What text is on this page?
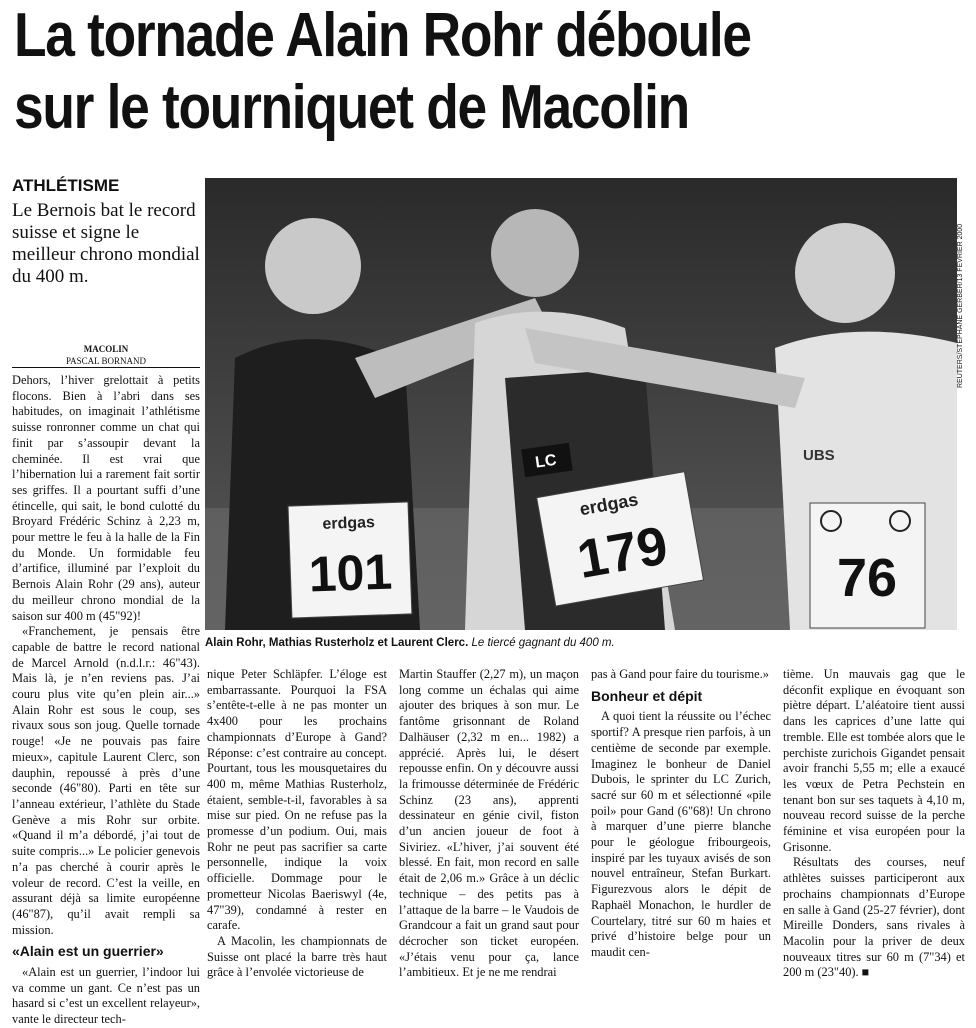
La tornade Alain Rohr déboule
sur le tourniquet de Macolin
ATHLÉTISME
Le Bernois bat le record suisse et signe le meilleur chrono mondial du 400 m.
MACOLIN
PASCAL BORNAND

Dehors, l’hiver grelottait à petits flocons. Bien à l’abri dans ses habitudes, on imaginait l’athlétisme suisse ronronner comme un chat qui finit par s’assoupir devant la cheminée. Il est vrai que l’hibernation lui a rarement fait sortir ses griffes. Il a pourtant suffi d’une étincelle, qui sait, le bond culotté du Broyard Frédéric Schinz à 2,23 m, pour mettre le feu à la halle de la Fin du Monde. Un formidable feu d’artifice, illuminé par l’exploit du Bernois Alain Rohr (29 ans), auteur du meilleur chrono mondial de la saison sur 400 m (45"92)!

«Franchement, je pensais être capable de battre le record national de Marcel Arnold (n.d.l.r.: 46"43). Mais là, je n’en reviens pas. J’ai couru plus vite qu’en plein air...» Alain Rohr est sous le coup, ses rivaux sous son joug. Quelle tornade rouge! «Je ne pouvais pas faire mieux», capitule Laurent Clerc, son dauphin, repoussé à près d’une seconde (46"80). Parti en tête sur l’anneau extérieur, l’athlète du Stade Genève a mis Rohr sur orbite. «Quand il m’a débordé, j’ai tout de suite compris...» Le policier genevois n’a pas cherché à courir après le voleur de record. C’est la veille, en assurant déjà sa limite européenne (46"87), qu’il avait rempli sa mission.

«Alain est un guerrier»

«Alain est un guerrier, l’indoor lui va comme un gant. Ce n’est pas un hasard si c’est un excellent relayeur», vante le directeur tech-

LC	UBS
erdgas
101
erdgas
179	76
REUTERS/STÉPHANE GERBER/13 FÉVRIER 2000
Alain Rohr, Mathias Rusterholz et Laurent Clerc. Le tiercé gagnant du 400 m.

nique Peter Schläpfer. L’éloge est embarrassante. Pourquoi la FSA s’entête-t-elle à ne pas monter un 4x400 pour les prochains championnats d’Europe à Gand? Réponse: c’est contraire au concept. Pourtant, tous les mousquetaires du 400 m, même Mathias Rusterholz, étaient, semble-t-il, favorables à sa mise sur pied. On ne refuse pas la promesse d’un podium. Oui, mais Rohr ne peut pas sacrifier sa carte personnelle, indique la voix officielle. Dommage pour le prometteur Nicolas Baeriswyl (4e, 47"39), condamné à rester en carafe.

A Macolin, les championnats de Suisse ont placé la barre très haut grâce à l’envolée victorieuse de

Martin Stauffer (2,27 m), un maçon long comme un échalas qui aime ajouter des briques à son mur. Le fantôme grisonnant de Roland Dalhäuser (2,32 m en... 1982) a apprécié. Après lui, le désert repousse enfin. On y découvre aussi la frimousse déterminée de Frédéric Schinz (23 ans), apprenti dessinateur en génie civil, fiston d’un ancien joueur de foot à Siviriez. «L’hiver, j’ai souvent été blessé. En fait, mon record en salle était de 2,06 m.» Grâce à un déclic technique – des petits pas à l’attaque de la barre – le Vaudois de Grandcour a fait un grand saut pour décrocher son ticket européen. «J’étais venu pour ça, lance l’ambitieux. Et je ne me rendrai

pas à Gand pour faire du tourisme.»

Bonheur et dépit

A quoi tient la réussite ou l’échec sportif? A presque rien parfois, à un centième de seconde par exemple. Imaginez le bonheur de Daniel Dubois, le sprinter du LC Zurich, sacré sur 60 m et sélectionné «pile poil» pour Gand (6"68)! Un chrono à marquer d’une pierre blanche pour le géologue fribourgeois, inspiré par les tuyaux avisés de son nouvel entraîneur, Stefan Burkart. Figurezvous alors le dépit de Raphaël Monachon, le hurdler de Courtelary, titré sur 60 m haies et privé d’histoire belge pour un maudit cen-

tième. Un mauvais gag que le déconfit explique en évoquant son piètre départ. L’aléatoire tient aussi dans les caprices d’une latte qui tremble. Elle est tombée alors que le perchiste zurichois Gigandet pensait avoir franchi 5,55 m; elle a exaucé les vœux de Petra Pechstein en tenant bon sur ses taquets à 4,10 m, nouveau record suisse de la perche féminine et visa européen pour la Grisonne.

Résultats des courses, neuf athlètes suisses participeront aux prochains championnats d’Europe en salle à Gand (25-27 février), dont Mireille Donders, sans rivales à Macolin pour la priver de deux nouveaux titres sur 60 m (7"34) et 200 m (23"40). ■
